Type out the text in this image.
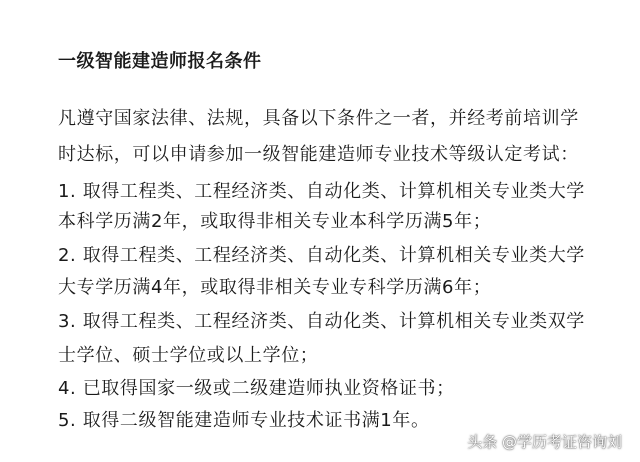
一级智能建造师报名条件
凡遵守国家法律、法规，具备以下条件之一者，并经考前培训学
时达标，可以申请参加一级智能建造师专业技术等级认定考试：
1. 取得工程类、工程经济类、自动化类、计算机相关专业类大学
本科学历满2年，或取得非相关专业本科学历满5年；
2. 取得工程类、工程经济类、自动化类、计算机相关专业类大学
大专学历满4年，或取得非相关专业专科学历满6年；
3. 取得工程类、工程经济类、自动化类、计算机相关专业类双学
士学位、硕士学位或以上学位；
4. 已取得国家一级或二级建造师执业资格证书；
5. 取得二级智能建造师专业技术证书满1年。
头条 @学历考证咨询刘
